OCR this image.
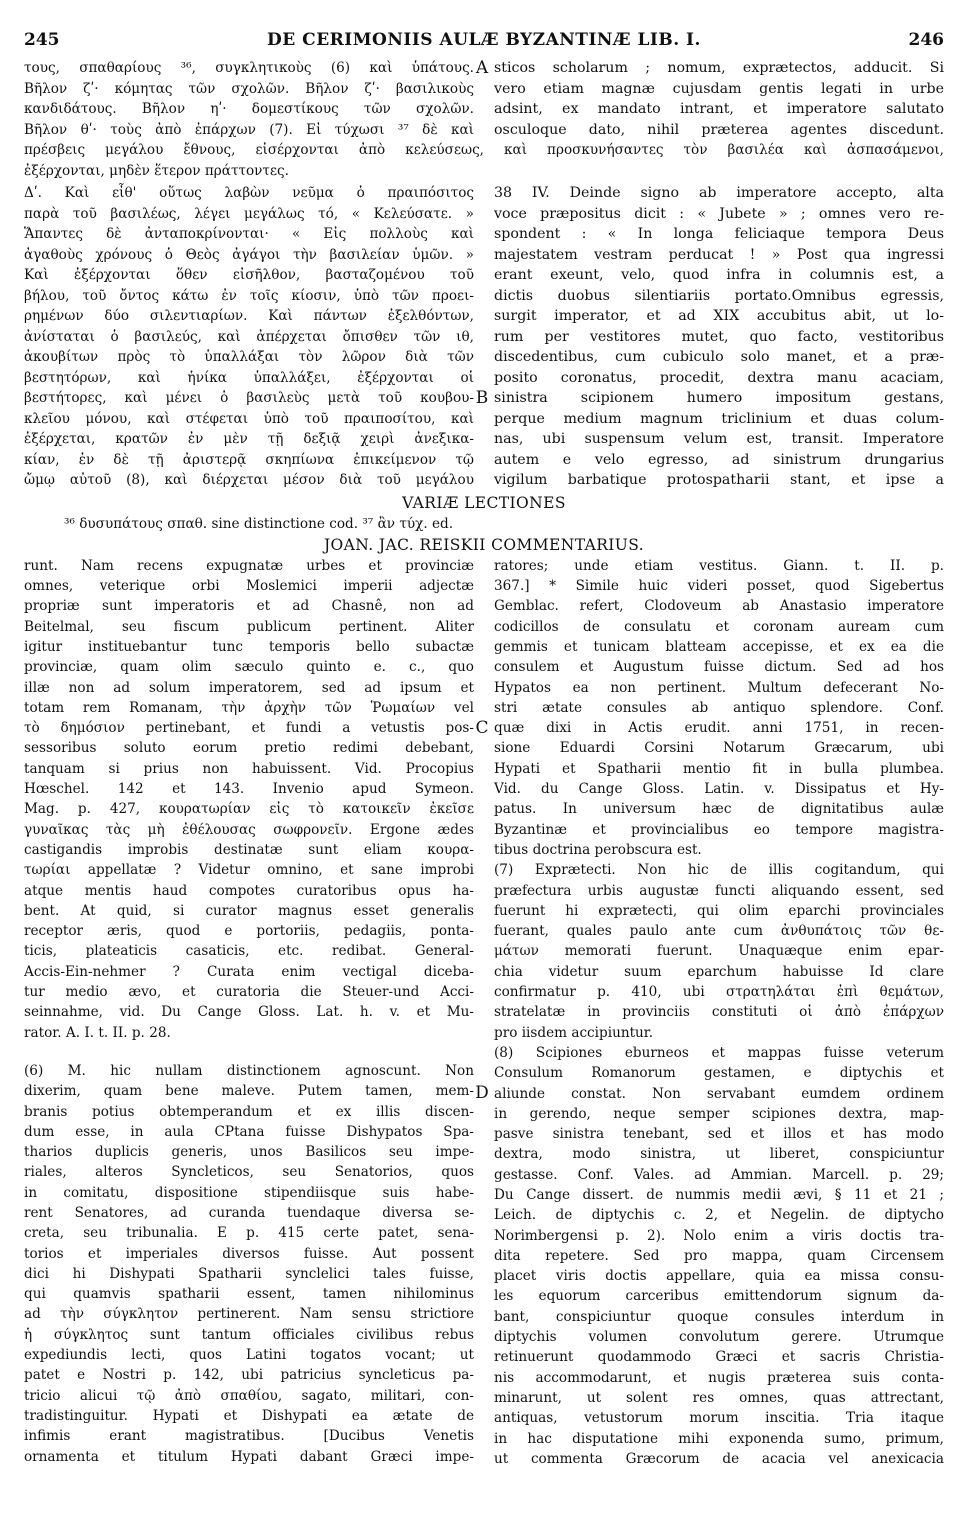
245	DE CERIMONIIS AULÆ BYZANTINÆ LIB. I.	246
τους, σπαθαρίους ³⁶, συγκλητικοὺς (6) καὶ ὑπάτους.
Βῆλον ζʹ· κόμητας τῶν σχολῶν. Βῆλον ζʹ· βασιλικοὺς
κανδιδάτους. Βῆλον ηʹ· δομεστίκους τῶν σχολῶν.
Βῆλον θʹ· τοὺς ἀπὸ ἐπάρχων (7). Εἰ τύχωσι ³⁷ δὲ καὶ
A sticos scholarum ; nomum, exprætectos, adducit. Si
vero etiam magnæ cujusdam gentis legati in urbe
adsint, ex mandato intrant, et imperatore salutato
osculoque dato, nihil præterea agentes discedunt.
πρέσβεις μεγάλου ἔθνους, εἰσέρχονται ἀπὸ κελεύσεως, καὶ προσκυνήσαντες τὸν βασιλέα καὶ ἀσπασάμενοι,
ἐξέρχονται, μηδὲν ἕτερον πράττοντες.
Δʹ. Καὶ εἶθ' οὕτως λαβὼν νεῦμα ὁ πραιπόσιτος
παρὰ τοῦ βασιλέως, λέγει μεγάλως τό, « Κελεύσατε. »
Ἅπαντες δὲ ἀνταποκρίνονται· « Εἰς πολλοὺς καὶ
ἀγαθοὺς χρόνους ὁ Θεὸς ἀγάγοι τὴν βασιλείαν ὑμῶν. »
Καὶ ἐξέρχονται ὅθεν εἰσῆλθον, βασταζομένου τοῦ
βήλου, τοῦ ὄντος κάτω ἐν τοῖς κίοσιν, ὑπὸ τῶν προει-
ρημένων δύο σιλεντιαρίων. Καὶ πάντων ἐξελθόντων,
ἀνίσταται ὁ βασιλεύς, καὶ ἀπέρχεται ὄπισθεν τῶν ιθ,
ἀκουβίτων πρὸς τὸ ὑπαλλάξαι τὸν λῶρον διὰ τῶν
βεστητόρων, καὶ ἡνίκα ὑπαλλάξει, ἐξέρχονται οἱ
βεστήτορες, καὶ μένει ὁ βασιλεὺς μετὰ τοῦ κουβου-
κλεῖου μόνου, καὶ στέφεται ὑπὸ τοῦ πραιποσίτου, καὶ
ἐξέρχεται, κρατῶν ἐν μὲν τῇ δεξιᾷ χειρὶ ἀνεξικα-
κίαν, ἐν δὲ τῇ ἀριστερᾷ σκηπίωνα ἐπικείμενον τῷ
ὤμῳ αὐτοῦ (8), καὶ διέρχεται μέσον διὰ τοῦ μεγάλου
B
38 IV. Deinde signo ab imperatore accepto, alta
voce præpositus dicit : « Jubete » ; omnes vero re-
spondent : « In longa feliciaque tempora Deus
majestatem vestram perducat ! » Post qua ingressi
erant exeunt, velo, quod infra in columnis est, a
dictis duobus silentiariis portato.Omnibus egressis,
surgit imperator, et ad XIX accubitus abit, ut lo-
rum per vestitores mutet, quo facto, vestitoribus
discedentibus, cum cubiculo solo manet, et a præ-
posito coronatus, procedit, dextra manu acaciam,
sinistra scipionem humero impositum gestans,
perque medium magnum triclinium et duas colum-
nas, ubi suspensum velum est, transit. Imperatore
autem e velo egresso, ad sinistrum drungarius
vigilum barbatique protospatharii stant, et ipse a
VARIÆ LECTIONES
³⁶ δυσυπάτους σπαθ. sine distinctione cod. ³⁷ ἂν τύχ. ed.
JOAN. JAC. REISKII COMMENTARIUS.
runt. Nam recens expugnatæ urbes et provinciæ
omnes, veterique orbi Moslemici imperii adjectæ
propriæ sunt imperatoris et ad Chasnê, non ad
Beitelmal, seu fiscum publicum pertinent. Aliter
igitur instituebantur tunc temporis bello subactæ
provinciæ, quam olim sæculo quinto e. c., quo
illæ non ad solum imperatorem, sed ad ipsum et
totam rem Romanam, τὴν ἀρχὴν τῶν Ῥωμαίων vel
τὸ δημόσιον pertinebant, et fundi a vetustis pos-
sessoribus soluto eorum pretio redimi debebant,
tanquam si prius non habuissent. Vid. Procopius
Hœschel. 142 et 143. Invenio apud Symeon.
Mag. p. 427, κουρατωρίαν εἰς τὸ κατοικεῖν ἐκεῖσε
γυναῖκας τὰς μὴ ἐθέλουσας σωφρονεῖν. Ergone ædes
castigandis improbis destinatæ sunt eliam κουρα-
τωρίαι appellatæ ? Videtur omnino, et sane improbi
atque mentis haud compotes curatoribus opus ha-
bent. At quid, si curator magnus esset generalis
receptor æris, quod e portoriis, pedagiis, ponta-
ticis, plateaticis casaticis, etc. redibat. General-
Accis-Ein-nehmer ? Curata enim vectigal dicebа-
tur medio ævo, et curatoria die Steuer-und Acci-
seinnahme, vid. Du Cange Gloss. Lat. h. v. et Mu-
rator. A. I. t. II. p. 28.
(6) M. hic nullam distinctionem agnoscunt. Non
dixerim, quam bene malеve. Putem tamen, mem-
branis potius obtemperandum et ex illis discen-
dum esse, in aula CPtana fuisse Dishypatos Spa-
tharios duplicis generis, unos Basilicos seu impe-
riales, alteros Syncleticos, seu Senatorios, quos
in comitatu, dispositione stipendiisque suis habe-
rent Senatores, ad curanda tuendaque diversa se-
creta, seu tribunalia. E p. 415 certe patet, sena-
torios et imperiales diversos fuisse. Aut possent
dici hi Dishypati Spatharii synclelici tales fuisse,
qui quamvis spatharii essent, tamen nihilominus
ad τὴν σύγκλητον pertinerent. Nam sensu strictiore
ἡ σύγκλητος sunt tantum officiales civilibus rebus
expediundis lecti, quos Latini togatos vocant; ut
patet e Nostri p. 142, ubi patricius syncleticus pa-
tricio alicui τῷ ἀπὸ σπαθίου, sagato, militari, con-
tradistinguitur. Hypati et Dishypati ea ætate de
infimis erant magistratibus. [Ducibus Venetis
ornamenta et titulum Hypati dabant Græci impe-
C
D
ratores; unde etiam vestitus. Giann. t. II. p.
367.] * Simile huic videri posset, quod Sigebertus
Gemblac. refert, Clodoveum ab Anastasio imperatore
codicillos de consulatu et coronam auream cum
gemmis et tunicam blatteam accepisse, et ex ea die
consulem et Augustum fuisse dictum. Sed ad hos
Hypatos ea non pertinent. Multum defecerant No-
stri ætate consules ab antiquo splendore. Conf.
quæ dixi in Actis erudit. anni 1751, in recen-
sione Eduardi Corsini Notarum Græcarum, ubi
Hypati et Spatharii mentio fit in bulla plumbea.
Vid. du Cange Gloss. Latin. v. Dissipatus et Hy-
patus. In universum hæc de dignitatibus aulæ
Byzantinæ et provincialibus eo tempore magistra-
tibus doctrina perobscura est.
(7) Exprætecti. Non hic de illis cogitandum, qui
præfectura urbis augustæ functi aliquando essent, sed
fuerunt hi exprætecti, qui olim eparchi provinciales
fuerant, quales paulo ante cum ἀνθυπάτοις τῶν θε-
μάτων memorati fuerunt. Unaquæque enim epar-
chia videtur suum eparchum habuisse Id clare
confirmatur p. 410, ubi στρατηλάται ἐπὶ θεμάτων,
stratelatæ in provinciis constituti οἱ ἀπὸ ἐπάρχων
pro iisdem accipiuntur.
(8) Scipiones eburneos et mappas fuisse veterum
Consulum Romanorum gestamen, e diptychis et
aliunde constat. Non servabant eumdem ordinem
in gerendo, neque semper scipiones dextra, map-
pasve sinistra tenebant, sed et illos et has modo
dextra, modo sinistra, ut liberet, conspiciuntur
gestasse. Conf. Vales. ad Ammian. Marcell. p. 29;
Du Cange dissert. de nummis medii ævi, § 11 et 21 ;
Leich. de diptychis c. 2, et Negelin. de diptycho
Norimbergensi p. 2). Nolo enim a viris doctis tra-
dita repetere. Sed pro mappa, quam Circensem
placet viris doctis appellare, quia ea missa consu-
les equorum carceribus emittendorum signum da-
bant, conspiciuntur quoque consules interdum in
diptychis volumen convolutum gerere. Utrumque
retinuerunt quodammodo Græci et sacris Christia-
nis accommodarunt, et nugis præterea suis conta-
minarunt, ut solent res omnes, quas attrectant,
antiquas, vetustorum morum inscitia. Tria itaque
in hac disputatione mihi exponenda sumo, primum,
ut commenta Græcorum de acacia vel anexicacia
